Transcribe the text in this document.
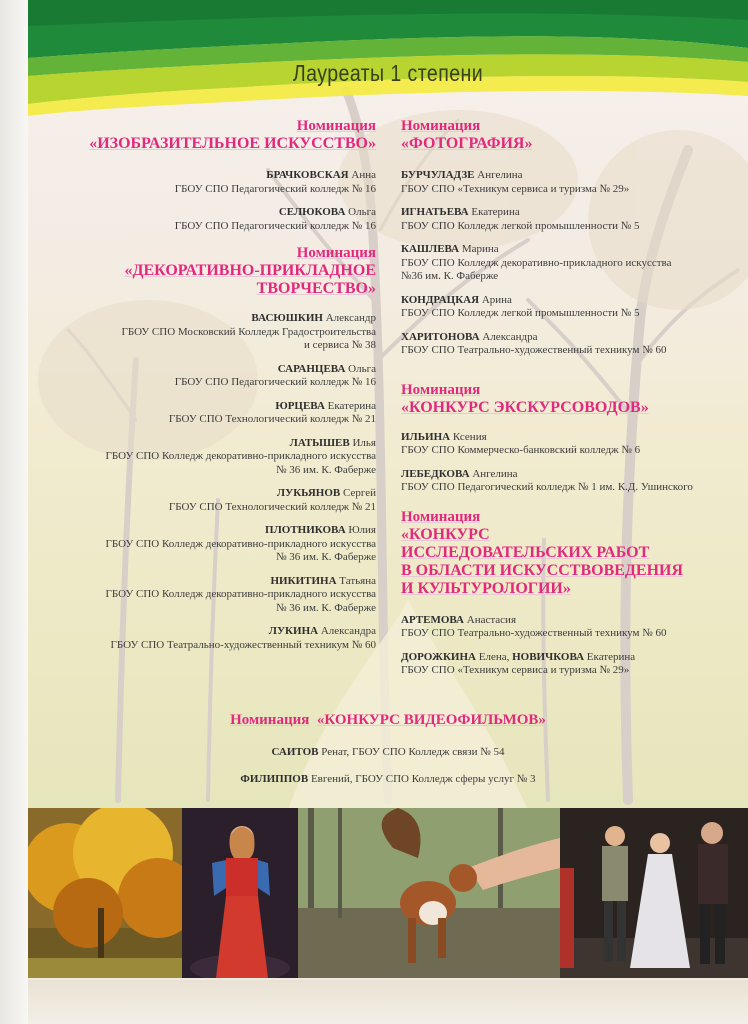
Лауреаты 1 степени
Номинация
«ИЗОБРАЗИТЕЛЬНОЕ ИСКУССТВО»
БРАЧКОВСКАЯ Анна
ГБОУ СПО Педагогический колледж № 16
СЕЛЮКОВА Ольга
ГБОУ СПО Педагогический колледж № 16
Номинация
«ДЕКОРАТИВНО-ПРИКЛАДНОЕ
ТВОРЧЕСТВО»
ВАСЮШКИН Александр
ГБОУ СПО Московский Колледж Градостроительства
и сервиса № 38
САРАНЦЕВА Ольга
ГБОУ СПО Педагогический колледж № 16
ЮРЦЕВА Екатерина
ГБОУ СПО Технологический колледж № 21
ЛАТЫШЕВ Илья
ГБОУ СПО Колледж декоративно-прикладного искусства
№ 36 им. К. Фаберже
ЛУКЬЯНОВ Сергей
ГБОУ СПО Технологический колледж № 21
ПЛОТНИКОВА Юлия
ГБОУ СПО Колледж декоративно-прикладного искусства
№ 36 им. К. Фаберже
НИКИТИНА Татьяна
ГБОУ СПО Колледж декоративно-прикладного искусства
№ 36 им. К. Фаберже
ЛУКИНА Александра
ГБОУ СПО Театрально-художественный техникум № 60
Номинация
«ФОТОГРАФИЯ»
БУРЧУЛАДЗЕ Ангелина
ГБОУ СПО «Техникум сервиса и туризма № 29»
ИГНАТЬЕВА Екатерина
ГБОУ СПО Колледж легкой промышленности № 5
КАШЛЕВА Марина
ГБОУ СПО Колледж декоративно-прикладного искусства
№36 им. К. Фаберже
КОНДРАЦКАЯ Арина
ГБОУ СПО Колледж легкой промышленности № 5
ХАРИТОНОВА Александра
ГБОУ СПО Театрально-художественный техникум № 60
Номинация
«КОНКУРС ЭКСКУРСОВОДОВ»
ИЛЬИНА Ксения
ГБОУ СПО Коммерческо-банковский колледж № 6
ЛЕБЕДКОВА Ангелина
ГБОУ СПО Педагогический колледж № 1 им. К.Д. Ушинского
Номинация
«КОНКУРС
ИССЛЕДОВАТЕЛЬСКИХ РАБОТ
В ОБЛАСТИ ИСКУССТВОВЕДЕНИЯ
И КУЛЬТУРОЛОГИИ»
АРТЕМОВА Анастасия
ГБОУ СПО Театрально-художественный техникум № 60
ДОРОЖКИНА Елена, НОВИЧКОВА Екатерина
ГБОУ СПО «Техникум сервиса и туризма № 29»
Номинация «КОНКУРС ВИДЕОФИЛЬМОВ»
САИТОВ Ренат, ГБОУ СПО Колледж связи № 54
ФИЛИППОВ Евгений, ГБОУ СПО Колледж сферы услуг № 3
